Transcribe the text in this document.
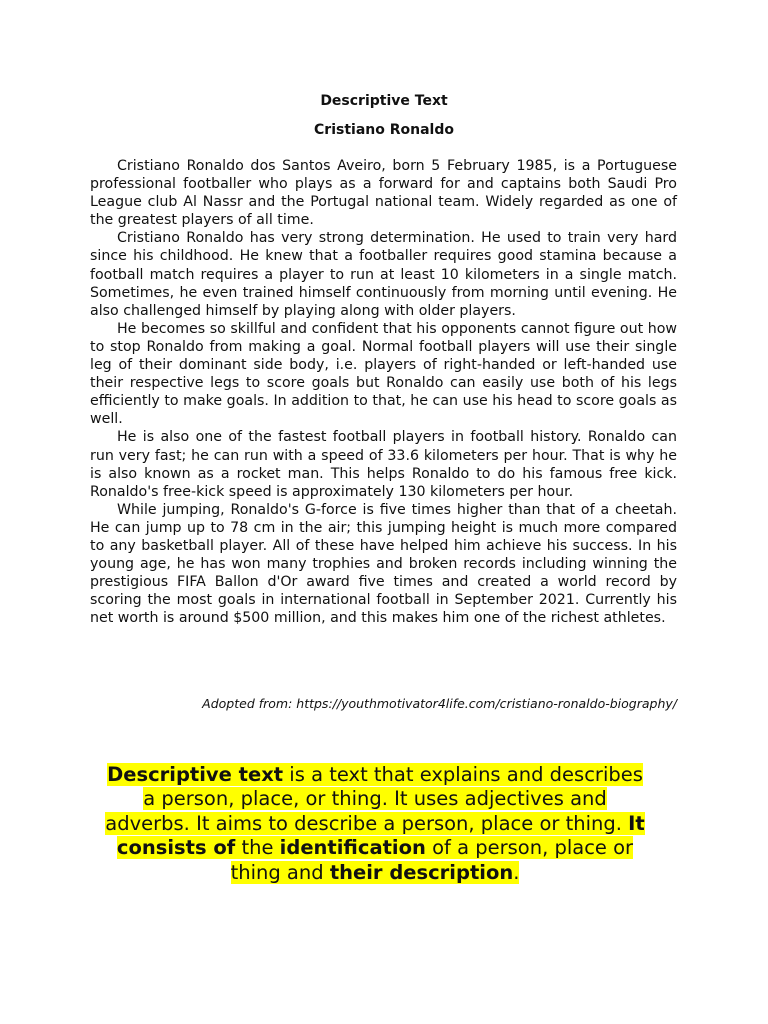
Descriptive Text
Cristiano Ronaldo

Cristiano Ronaldo dos Santos Aveiro, born 5 February 1985, is a Portuguese professional footballer who plays as a forward for and captains both Saudi Pro League club Al Nassr and the Portugal national team. Widely regarded as one of the greatest players of all time.

Cristiano Ronaldo has very strong determination. He used to train very hard since his childhood. He knew that a footballer requires good stamina because a football match requires a player to run at least 10 kilometers in a single match. Sometimes, he even trained himself continuously from morning until evening. He also challenged himself by playing along with older players.

He becomes so skillful and confident that his opponents cannot figure out how to stop Ronaldo from making a goal. Normal football players will use their single leg of their dominant side body, i.e. players of right-handed or left-handed use their respective legs to score goals but Ronaldo can easily use both of his legs efficiently to make goals. In addition to that, he can use his head to score goals as well.

He is also one of the fastest football players in football history. Ronaldo can run very fast; he can run with a speed of 33.6 kilometers per hour. That is why he is also known as a rocket man. This helps Ronaldo to do his famous free kick. Ronaldo's free-kick speed is approximately 130 kilometers per hour.

While jumping, Ronaldo's G-force is five times higher than that of a cheetah. He can jump up to 78 cm in the air; this jumping height is much more compared to any basketball player. All of these have helped him achieve his success. In his young age, he has won many trophies and broken records including winning the prestigious FIFA Ballon d'Or award five times and created a world record by scoring the most goals in international football in September 2021. Currently his net worth is around $500 million, and this makes him one of the richest athletes.

Adopted from: https://youthmotivator4life.com/cristiano-ronaldo-biography/
Descriptive text is a text that explains and describes a person, place, or thing. It uses adjectives and adverbs. It aims to describe a person, place or thing. It consists of the identification of a person, place or thing and their description.
